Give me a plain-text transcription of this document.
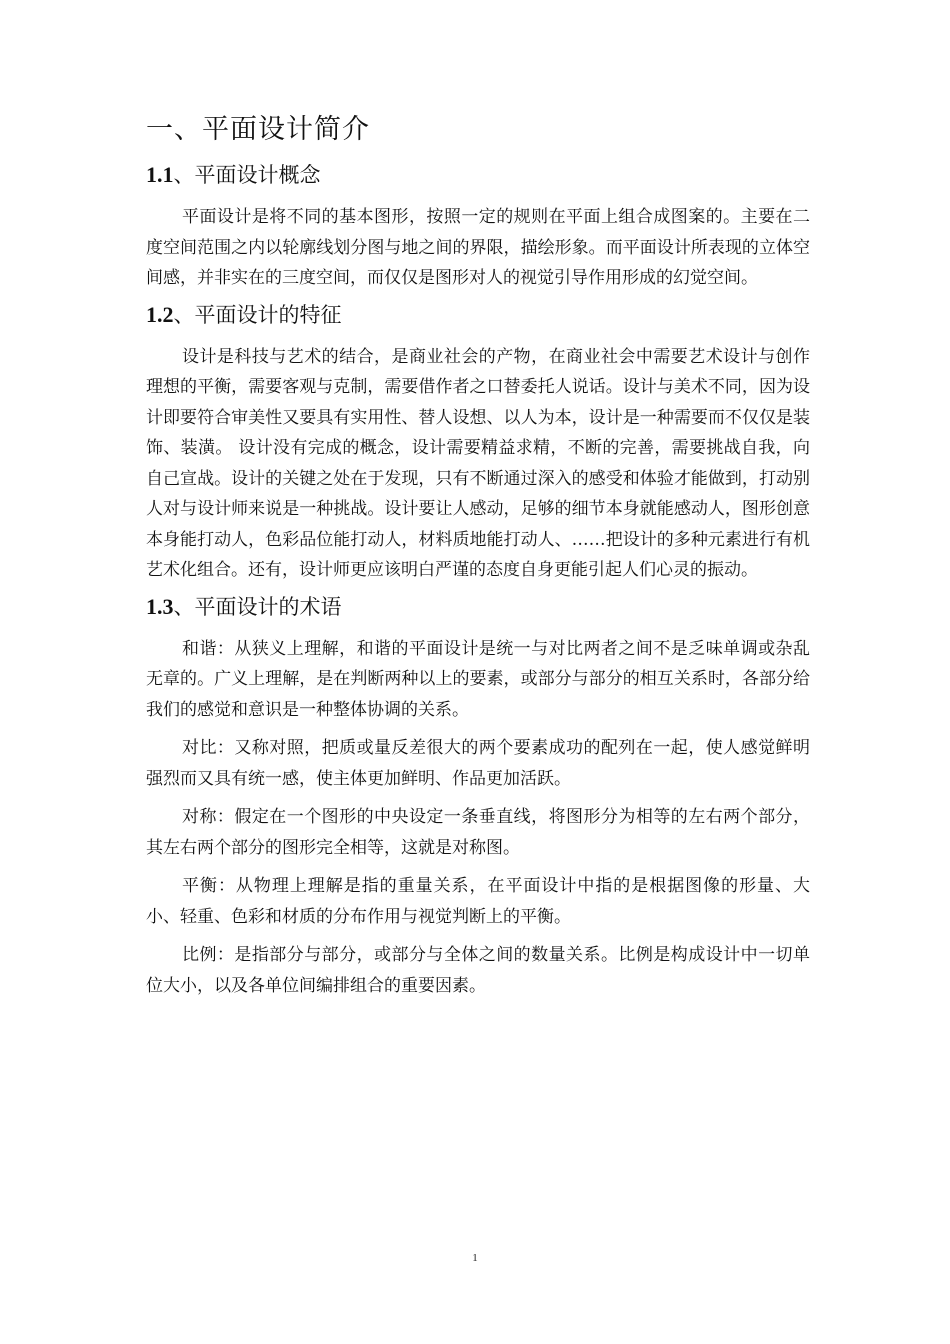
一、平面设计简介
1.1、平面设计概念

平面设计是将不同的基本图形，按照一定的规则在平面上组合成图案的。主要在二度空间范围之内以轮廓线划分图与地之间的界限，描绘形象。而平面设计所表现的立体空间感，并非实在的三度空间，而仅仅是图形对人的视觉引导作用形成的幻觉空间。

1.2、平面设计的特征

设计是科技与艺术的结合，是商业社会的产物，在商业社会中需要艺术设计与创作理想的平衡，需要客观与克制，需要借作者之口替委托人说话。设计与美术不同，因为设计即要符合审美性又要具有实用性、替人设想、以人为本，设计是一种需要而不仅仅是装饰、装潢。 设计没有完成的概念，设计需要精益求精，不断的完善，需要挑战自我，向自己宣战。设计的关键之处在于发现，只有不断通过深入的感受和体验才能做到，打动别人对与设计师来说是一种挑战。设计要让人感动，足够的细节本身就能感动人，图形创意本身能打动人，色彩品位能打动人，材料质地能打动人、……把设计的多种元素进行有机艺术化组合。还有，设计师更应该明白严谨的态度自身更能引起人们心灵的振动。

1.3、平面设计的术语

和谐：从狭义上理解，和谐的平面设计是统一与对比两者之间不是乏味单调或杂乱无章的。广义上理解，是在判断两种以上的要素，或部分与部分的相互关系时，各部分给我们的感觉和意识是一种整体协调的关系。

对比：又称对照，把质或量反差很大的两个要素成功的配列在一起，使人感觉鲜明强烈而又具有统一感，使主体更加鲜明、作品更加活跃。

对称：假定在一个图形的中央设定一条垂直线，将图形分为相等的左右两个部分，其左右两个部分的图形完全相等，这就是对称图。

平衡：从物理上理解是指的重量关系，在平面设计中指的是根据图像的形量、大小、轻重、色彩和材质的分布作用与视觉判断上的平衡。

比例：是指部分与部分，或部分与全体之间的数量关系。比例是构成设计中一切单位大小，以及各单位间编排组合的重要因素。

1
